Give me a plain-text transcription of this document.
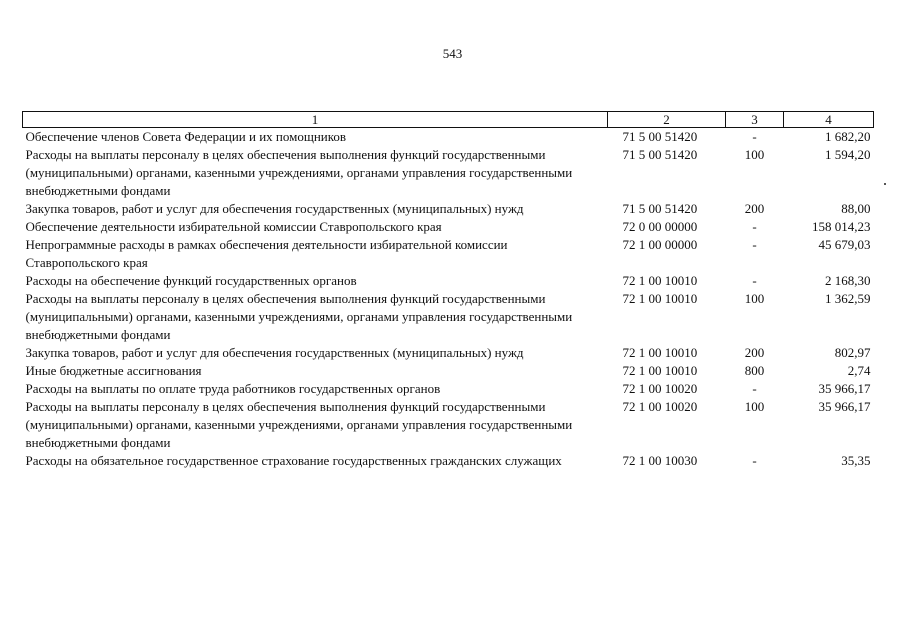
543
1	2	3	4
Обеспечение членов Совета Федерации и их помощников	71 5 00 51420	-	1 682,20
Расходы на выплаты персоналу в целях обеспечения выполнения функций государственными (муниципальными) органами, казенными учреждениями, органами управления государственными внебюджетными фондами	71 5 00 51420	100	1 594,20
Закупка товаров, работ и услуг для обеспечения государственных (муниципальных) нужд	71 5 00 51420	200	88,00
Обеспечение деятельности избирательной комиссии Ставропольского края	72 0 00 00000	-	158 014,23
Непрограммные расходы в рамках обеспечения деятельности избирательной комиссии Ставропольского края	72 1 00 00000	-	45 679,03
Расходы на обеспечение функций государственных органов	72 1 00 10010	-	2 168,30
Расходы на выплаты персоналу в целях обеспечения выполнения функций государственными (муниципальными) органами, казенными учреждениями, органами управления государственными внебюджетными фондами	72 1 00 10010	100	1 362,59
Закупка товаров, работ и услуг для обеспечения государственных (муниципальных) нужд	72 1 00 10010	200	802,97
Иные бюджетные ассигнования	72 1 00 10010	800	2,74
Расходы на выплаты по оплате труда работников государственных органов	72 1 00 10020	-	35 966,17
Расходы на выплаты персоналу в целях обеспечения выполнения функций государственными (муниципальными) органами, казенными учреждениями, органами управления государственными внебюджетными фондами	72 1 00 10020	100	35 966,17
Расходы на обязательное государственное страхование государственных гражданских служащих	72 1 00 10030	-	35,35
